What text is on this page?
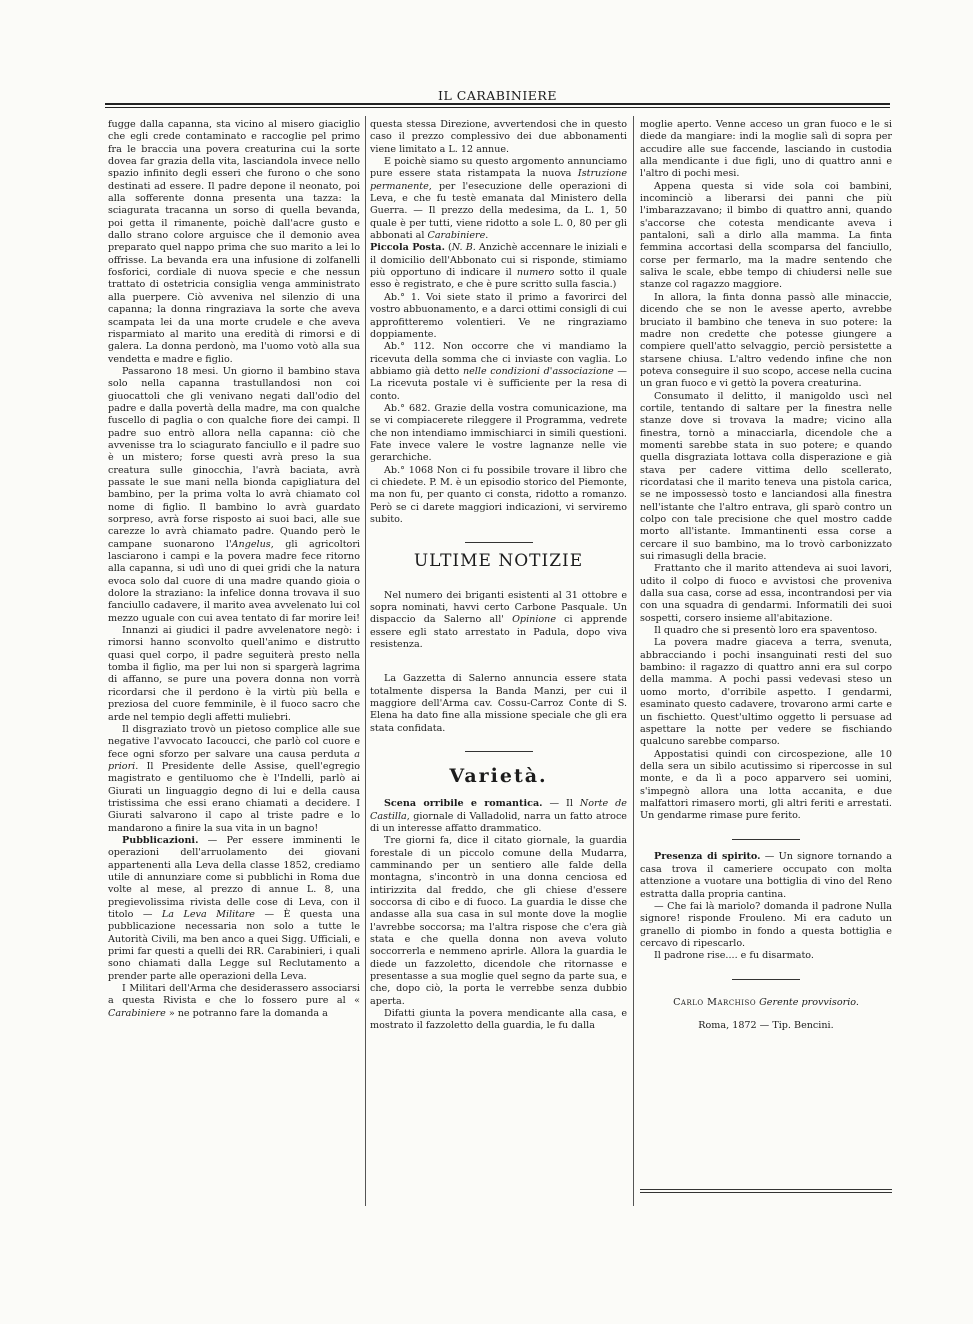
IL CARABINIERE

fugge dalla capanna, sta vicino al misero giaciglio che egli crede contaminato e raccoglie pel primo fra le braccia una povera creaturina cui la sorte dovea far grazia della vita, lasciandola invece nello spazio infinito degli esseri che furono o che sono destinati ad essere. Il padre depone il neonato, poi alla sofferente donna presenta una tazza: la sciagurata tracanna un sorso di quella bevanda, poi getta il rimanente, poichè dall'acre gusto e dallo strano colore arguisce che il demonio avea preparato quel nappo prima che suo marito a lei lo offrisse. La bevanda era una infusione di zolfanelli fosforici, cordiale di nuova specie e che nessun trattato di ostetricia consiglia venga amministrato alla puerpere. Ciò avveniva nel silenzio di una capanna; la donna ringraziava la sorte che aveva scampata lei da una morte crudele e che aveva risparmiato al marito una eredità di rimorsi e di galera. La donna perdonò, ma l'uomo votò alla sua vendetta e madre e figlio.

Passarono 18 mesi. Un giorno il bambino stava solo nella capanna trastullandosi non coi giuocattoli che gli venivano negati dall'odio del padre e dalla povertà della madre, ma con qualche fuscello di paglia o con qualche fiore dei campi. Il padre suo entrò allora nella capanna: ciò che avvenisse tra lo sciagurato fanciullo e il padre suo è un mistero; forse questi avrà preso la sua creatura sulle ginocchia, l'avrà baciata, avrà passate le sue mani nella bionda capigliatura del bambino, per la prima volta lo avrà chiamato col nome di figlio. Il bambino lo avrà guardato sorpreso, avrà forse risposto ai suoi baci, alle sue carezze lo avrà chiamato padre. Quando però le campane suonarono l'Angelus, gli agricoltori lasciarono i campi e la povera madre fece ritorno alla capanna, si udì uno di quei gridi che la natura evoca solo dal cuore di una madre quando gioia o dolore la straziano: la infelice donna trovava il suo fanciullo cadavere, il marito avea avvelenato lui col mezzo uguale con cui avea tentato di far morire lei!

Innanzi ai giudici il padre avvelenatore negò: i rimorsi hanno sconvolto quell'animo e distrutto quasi quel corpo, il padre seguiterà presto nella tomba il figlio, ma per lui non si spargerà lagrima di affanno, se pure una povera donna non vorrà ricordarsi che il perdono è la virtù più bella e preziosa del cuore femminile, è il fuoco sacro che arde nel tempio degli affetti muliebri.

Il disgraziato trovò un pietoso complice alle sue negative l'avvocato Iacoucci, che parlò col cuore e fece ogni sforzo per salvare una causa perduta a priori. Il Presidente delle Assise, quell'egregio magistrato e gentiluomo che è l'Indelli, parlò ai Giurati un linguaggio degno di lui e della causa tristissima che essi erano chiamati a decidere. I Giurati salvarono il capo al triste padre e lo mandarono a finire la sua vita in un bagno!

Pubblicazioni. — Per essere imminenti le operazioni dell'arruolamento dei giovani appartenenti alla Leva della classe 1852, crediamo utile di annunziare come si pubblichi in Roma due volte al mese, al prezzo di annue L. 8, una pregievolissima rivista delle cose di Leva, con il titolo — La Leva Militare — È questa una pubblicazione necessaria non solo a tutte le Autorità Civili, ma ben anco a quei Sigg. Ufficiali, e primi far questi a quelli dei RR. Carabinieri, i quali sono chiamati dalla Legge sul Reclutamento a prender parte alle operazioni della Leva.

I Militari dell'Arma che desiderassero associarsi a questa Rivista e che lo fossero pure al « Carabiniere » ne potranno fare la domanda a

questa stessa Direzione, avvertendosi che in questo caso il prezzo complessivo dei due abbonamenti viene limitato a L. 12 annue.

E poichè siamo su questo argomento annunciamo pure essere stata ristampata la nuova Istruzione permanente, per l'esecuzione delle operazioni di Leva, e che fu testè emanata dal Ministero della Guerra. — Il prezzo della medesima, da L. 1, 50 quale è per tutti, viene ridotto a sole L. 0, 80 per gli abbonati al Carabiniere.

Piccola Posta. (N. B. Anzichè accennare le iniziali e il domicilio dell'Abbonato cui si risponde, stimiamo più opportuno di indicare il numero sotto il quale esso è registrato, e che è pure scritto sulla fascia.)

Ab.° 1. Voi siete stato il primo a favorirci del vostro abbuonamento, e a darci ottimi consigli di cui approfitteremo volentieri. Ve ne ringraziamo doppiamente.

Ab.° 112. Non occorre che vi mandiamo la ricevuta della somma che ci inviaste con vaglia. Lo abbiamo già detto nelle condizioni d'associazione — La ricevuta postale vi è sufficiente per la resa di conto.

Ab.° 682. Grazie della vostra comunicazione, ma se vi compiacerete rileggere il Programma, vedrete che non intendiamo immischiarci in simili questioni. Fate invece valere le vostre lagnanze nelle vie gerarchiche.

Ab.° 1068 Non ci fu possibile trovare il libro che ci chiedete. P. M. è un episodio storico del Piemonte, ma non fu, per quanto ci consta, ridotto a romanzo. Però se ci darete maggiori indicazioni, vi serviremo subito.

ULTIME NOTIZIE

Nel numero dei briganti esistenti al 31 ottobre e sopra nominati, havvi certo Carbone Pasquale. Un dispaccio da Salerno all' Opinione ci apprende essere egli stato arrestato in Padula, dopo viva resistenza.

La Gazzetta di Salerno annuncia essere stata totalmente dispersa la Banda Manzi, per cui il maggiore dell'Arma cav. Cossu-Carroz Conte di S. Elena ha dato fine alla missione speciale che gli era stata confidata.

Varietà.

Scena orribile e romantica. — Il Norte de Castilla, giornale di Valladolid, narra un fatto atroce di un interesse affatto drammatico.

Tre giorni fa, dice il citato giornale, la guardia forestale di un piccolo comune della Mudarra, camminando per un sentiero alle falde della montagna, s'incontrò in una donna cenciosa ed intirizzita dal freddo, che gli chiese d'essere soccorsa di cibo e di fuoco. La guardia le disse che andasse alla sua casa in sul monte dove la moglie l'avrebbe soccorsa; ma l'altra rispose che c'era già stata e che quella donna non aveva voluto soccorrerla e nemmeno aprirle. Allora la guardia le diede un fazzoletto, dicendole che ritornasse e presentasse a sua moglie quel segno da parte sua, e che, dopo ciò, la porta le verrebbe senza dubbio aperta.

Difatti giunta la povera mendicante alla casa, e mostrato il fazzoletto della guardia, le fu dalla

moglie aperto. Venne acceso un gran fuoco e le si diede da mangiare: indi la moglie salì di sopra per accudire alle sue faccende, lasciando in custodia alla mendicante i due figli, uno di quattro anni e l'altro di pochi mesi.

Appena questa si vide sola coi bambini, incominciò a liberarsi dei panni che più l'imbarazzavano; il bimbo di quattro anni, quando s'accorse che cotesta mendicante aveva i pantaloni, salì a dirlo alla mamma. La finta femmina accortasi della scomparsa del fanciullo, corse per fermarlo, ma la madre sentendo che saliva le scale, ebbe tempo di chiudersi nelle sue stanze col ragazzo maggiore.

In allora, la finta donna passò alle minaccie, dicendo che se non le avesse aperto, avrebbe bruciato il bambino che teneva in suo potere: la madre non credette che potesse giungere a compiere quell'atto selvaggio, perciò persistette a starsene chiusa. L'altro vedendo infine che non poteva conseguire il suo scopo, accese nella cucina un gran fuoco e vi gettò la povera creaturina.

Consumato il delitto, il manigoldo uscì nel cortile, tentando di saltare per la finestra nelle stanze dove si trovava la madre; vicino alla finestra, tornò a minacciarla, dicendole che a momenti sarebbe stata in suo potere; e quando quella disgraziata lottava colla disperazione e già stava per cadere vittima dello scellerato, ricordatasi che il marito teneva una pistola carica, se ne impossessò tosto e lanciandosi alla finestra nell'istante che l'altro entrava, gli sparò contro un colpo con tale precisione che quel mostro cadde morto all'istante. Immantinenti essa corse a cercare il suo bambino, ma lo trovò carbonizzato sui rimasugli della bracie.

Frattanto che il marito attendeva ai suoi lavori, udito il colpo di fuoco e avvistosi che proveniva dalla sua casa, corse ad essa, incontrandosi per via con una squadra di gendarmi. Informatili dei suoi sospetti, corsero insieme all'abitazione.

Il quadro che si presentò loro era spaventoso.

La povera madre giaceva a terra, svenuta, abbracciando i pochi insanguinati resti del suo bambino: il ragazzo di quattro anni era sul corpo della mamma. A pochi passi vedevasi steso un uomo morto, d'orribile aspetto. I gendarmi, esaminato questo cadavere, trovarono armi carte e un fischietto. Quest'ultimo oggetto li persuase ad aspettare la notte per vedere se fischiando qualcuno sarebbe comparso.

Appostatisi quindi con circospezione, alle 10 della sera un sibilo acutissimo si ripercosse in sul monte, e da lì a poco apparvero sei uomini, s'impegnò allora una lotta accanita, e due malfattori rimasero morti, gli altri feriti e arrestati. Un gendarme rimase pure ferito.

Presenza di spirito. — Un signore tornando a casa trova il cameriere occupato con molta attenzione a vuotare una bottiglia di vino del Reno estratta dalla propria cantina.

— Che fai là mariolo? domanda il padrone Nulla signore! risponde Frouleno. Mi era caduto un granello di piombo in fondo a questa bottiglia e cercavo di ripescarlo.

Il padrone rise.... e fu disarmato.

Carlo Marchiso Gerente provvisorio.
Roma, 1872 — Tip. Bencini.
